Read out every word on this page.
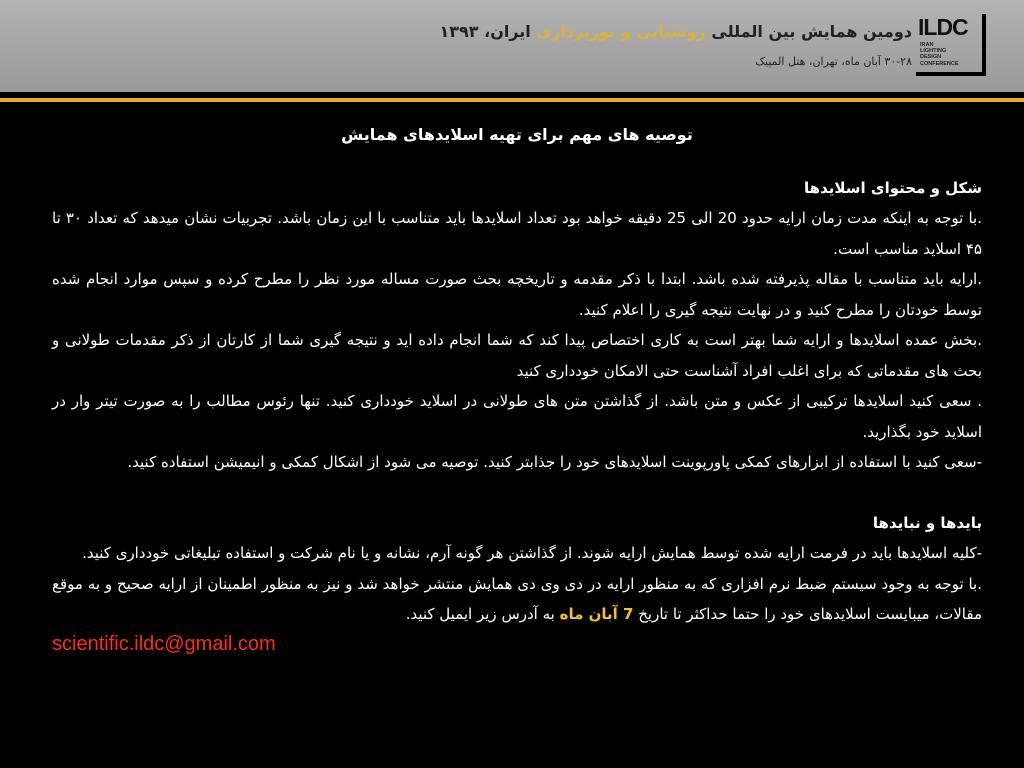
ILDC
IRAN
LIGHTING
DESIGN
CONFERENCE
دومین همایش بین المللی روشنایی و نورپردازی ایران، ۱۳۹۳
۳۰-۲۸ آبان ماه، تهران، هتل المپیک
توصیه های مهم برای تهیه اسلایدهای همایش
شکل و محتوای اسلایدها

.با توجه به اینکه مدت زمان ارایه حدود 20 الی 25 دقیقه خواهد بود تعداد اسلایدها باید متناسب با این زمان باشد. تجربیات نشان میدهد که تعداد ۳۰ تا ۴۵ اسلاید مناسب است.

.ارایه باید متناسب با مقاله پذیرفته شده باشد. ابتدا با ذکر مقدمه و تاریخچه بحث صورت مساله مورد نظر را مطرح کرده و سپس موارد انجام شده توسط خودتان را مطرح کنید و در نهایت نتیجه گیری را اعلام کنید.

.بخش عمده اسلایدها و ارایه شما بهتر است به کاری اختصاص پیدا کند که شما انجام داده اید و نتیجه گیری شما از کارتان از ذکر مقدمات طولانی و بحث های مقدماتی که برای اغلب افراد آشناست حتی الامکان خودداری کنید

. سعی کنید اسلایدها ترکیبی از عکس و متن باشد. از گذاشتن متن های طولانی در اسلاید خودداری کنید. تنها رئوس مطالب را به صورت تیتر وار در اسلاید خود بگذارید.

-سعی کنید با استفاده از ابزارهای کمکی پاورپوینت اسلایدهای خود را جذابتر کنید. توصیه می شود از اشکال کمکی و انیمیشن استفاده کنید.

بایدها و نبایدها

-کلیه اسلایدها باید در فرمت ارایه شده توسط همایش ارایه شوند. از گذاشتن هر گونه آرم، نشانه و یا نام شرکت و استفاده تبلیغاتی خودداری کنید.

.با توجه به وجود سیستم ضبط نرم افزاری که به منظور ارایه در دی وی دی همایش منتشر خواهد شد و نیز به منظور اطمینان از ارایه صحیح و به موقع مقالات، میبایست اسلایدهای خود را حتما حداکثر تا تاریخ 7 آبان ماه به آدرس زیر ایمیل کنید.

scientific.ildc@gmail.com
